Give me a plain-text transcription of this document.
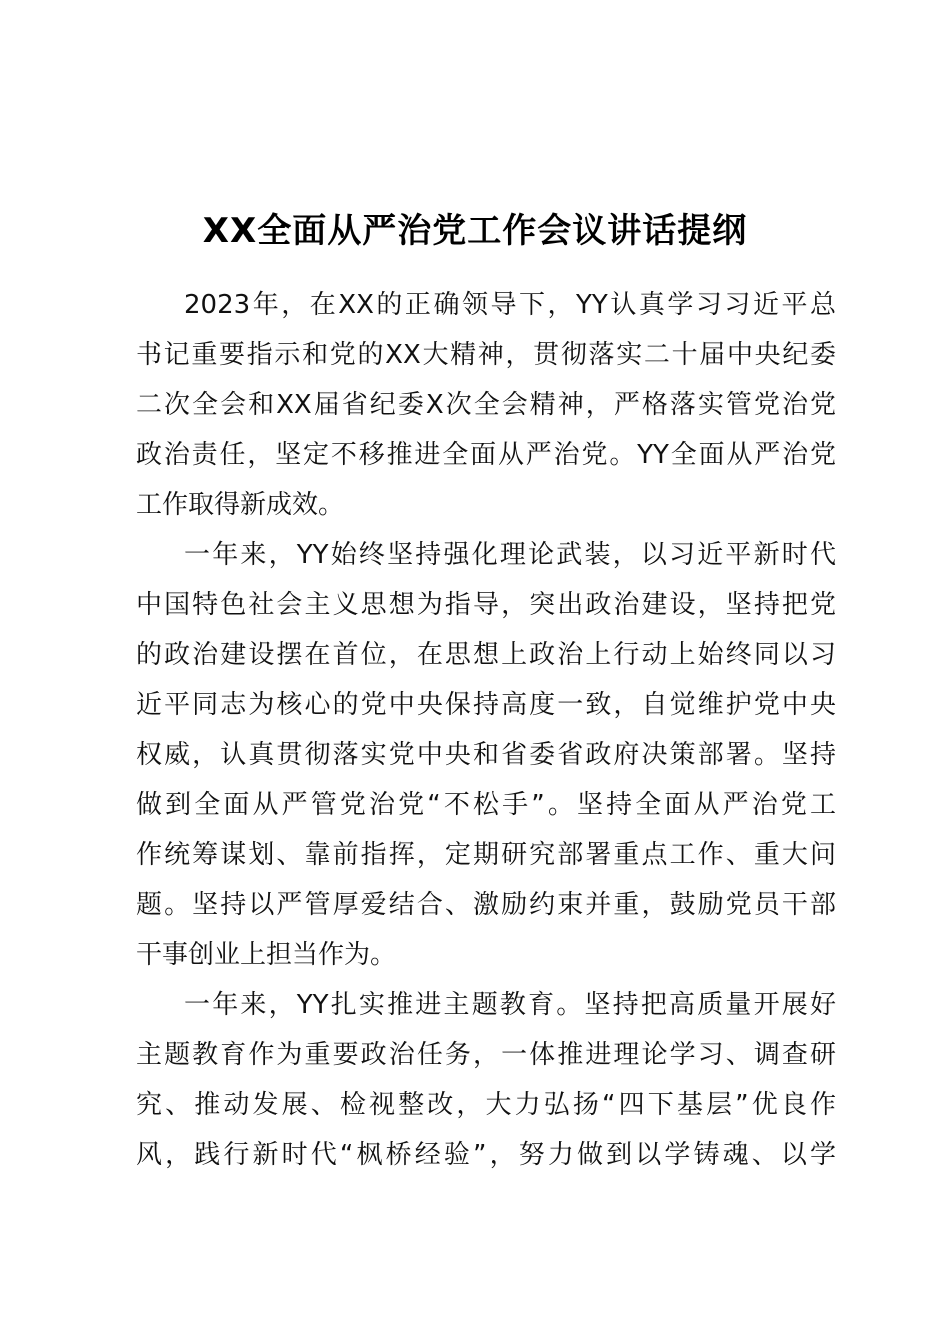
XX全面从严治党工作会议讲话提纲
2023年，在XX的正确领导下，YY认真学习习近平总
书记重要指示和党的XX大精神，贯彻落实二十届中央纪委
二次全会和XX届省纪委X次全会精神，严格落实管党治党
政治责任，坚定不移推进全面从严治党。YY全面从严治党
工作取得新成效。
一年来，YY始终坚持强化理论武装，以习近平新时代
中国特色社会主义思想为指导，突出政治建设，坚持把党
的政治建设摆在首位，在思想上政治上行动上始终同以习
近平同志为核心的党中央保持高度一致，自觉维护党中央
权威，认真贯彻落实党中央和省委省政府决策部署。坚持
做到全面从严管党治党“不松手”。坚持全面从严治党工
作统筹谋划、靠前指挥，定期研究部署重点工作、重大问
题。坚持以严管厚爱结合、激励约束并重，鼓励党员干部
干事创业上担当作为。
一年来，YY扎实推进主题教育。坚持把高质量开展好
主题教育作为重要政治任务，一体推进理论学习、调查研
究、推动发展、检视整改，大力弘扬“四下基层”优良作
风，践行新时代“枫桥经验”，努力做到以学铸魂、以学
